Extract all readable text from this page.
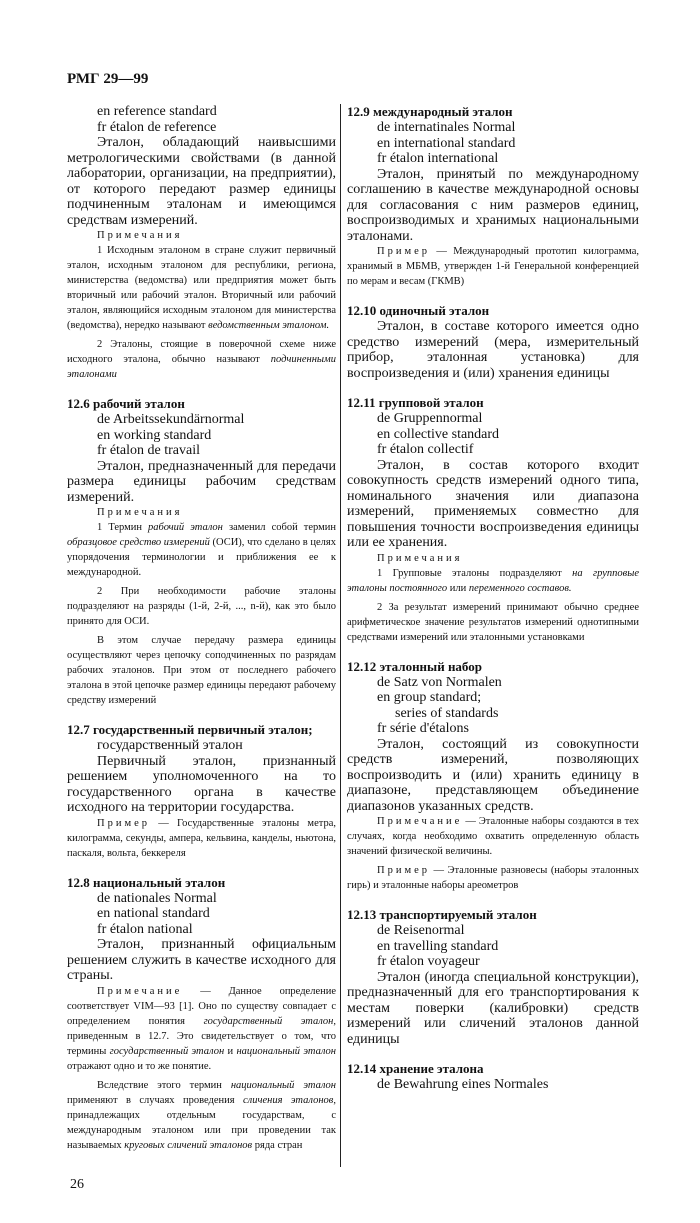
РМГ 29—99
en reference standard
fr étalon de reference
Эталон, обладающий наивысшими метрологическими свойствами (в данной лаборатории, организации, на предприятии), от которого передают размер единицы подчиненным эталонам и имеющимся средствам измерений.
Примечания
1 Исходным эталоном в стране служит первичный эталон, исходным эталоном для республики, региона, министерства (ведомства) или предприятия может быть вторичный или рабочий эталон. Вторичный или рабочий эталон, являющийся исходным эталоном для министерства (ведомства), нередко называют ведомственным эталоном.
2 Эталоны, стоящие в поверочной схеме ниже исходного эталона, обычно называют подчиненными эталонами
12.6 рабочий эталон
de Arbeitssekundärnormal
en working standard
fr étalon de travail
Эталон, предназначенный для передачи размера единицы рабочим средствам измерений.
Примечания
1 Термин рабочий эталон заменил собой термин образцовое средство измерений (ОСИ), что сделано в целях упорядочения терминологии и приближения ее к международной.
2 При необходимости рабочие эталоны подразделяют на разряды (1-й, 2-й, ..., n-й), как это было принято для ОСИ.
В этом случае передачу размера единицы осуществляют через цепочку соподчиненных по разрядам рабочих эталонов. При этом от последнего рабочего эталона в этой цепочке размер единицы передают рабочему средству измерений
12.7 государственный первичный эталон;
государственный эталон
Первичный эталон, признанный решением уполномоченного на то государственного органа в качестве исходного на территории государства.
Пример — Государственные эталоны метра, килограмма, секунды, ампера, кельвина, канделы, ньютона, паскаля, вольта, беккереля
12.8 национальный эталон
de nationales Normal
en national standard
fr étalon national
Эталон, признанный официальным решением служить в качестве исходного для страны.
Примечание — Данное определение соответствует VIM—93 [1]. Оно по существу совпадает с определением понятия государственный эталон, приведенным в 12.7. Это свидетельствует о том, что термины государственный эталон и национальный эталон отражают одно и то же понятие.
Вследствие этого термин национальный эталон применяют в случаях проведения сличения эталонов, принадлежащих отдельным государствам, с международным эталоном или при проведении так называемых круговых сличений эталонов ряда стран
12.9 международный эталон
de internatinales Normal
en international standard
fr étalon international
Эталон, принятый по международному соглашению в качестве международной основы для согласования с ним размеров единиц, воспроизводимых и хранимых национальными эталонами.
Пример — Международный прототип килограмма, хранимый в МБМВ, утвержден 1-й Генеральной конференцией по мерам и весам (ГКМВ)
12.10 одиночный эталон
Эталон, в составе которого имеется одно средство измерений (мера, измерительный прибор, эталонная установка) для воспроизведения и (или) хранения единицы
12.11 групповой эталон
de Gruppennormal
en collective standard
fr étalon collectif
Эталон, в состав которого входит совокупность средств измерений одного типа, номинального значения или диапазона измерений, применяемых совместно для повышения точности воспроизведения единицы или ее хранения.
Примечания
1 Групповые эталоны подразделяют на групповые эталоны постоянного или переменного составов.
2 За результат измерений принимают обычно среднее арифметическое значение результатов измерений однотипными средствами измерений или эталонными установками
12.12 эталонный набор
de Satz von Normalen
en group standard;
series of standards
fr série d'étalons
Эталон, состоящий из совокупности средств измерений, позволяющих воспроизводить и (или) хранить единицу в диапазоне, представляющем объединение диапазонов указанных средств.
Примечание — Эталонные наборы создаются в тех случаях, когда необходимо охватить определенную область значений физической величины.
Пример — Эталонные разновесы (наборы эталонных гирь) и эталонные наборы ареометров
12.13 транспортируемый эталон
de Reisenormal
en travelling standard
fr étalon voyageur
Эталон (иногда специальной конструкции), предназначенный для его транспортирования к местам поверки (калибровки) средств измерений или сличений эталонов данной единицы
12.14 хранение эталона
de Bewahrung eines Normales
26
